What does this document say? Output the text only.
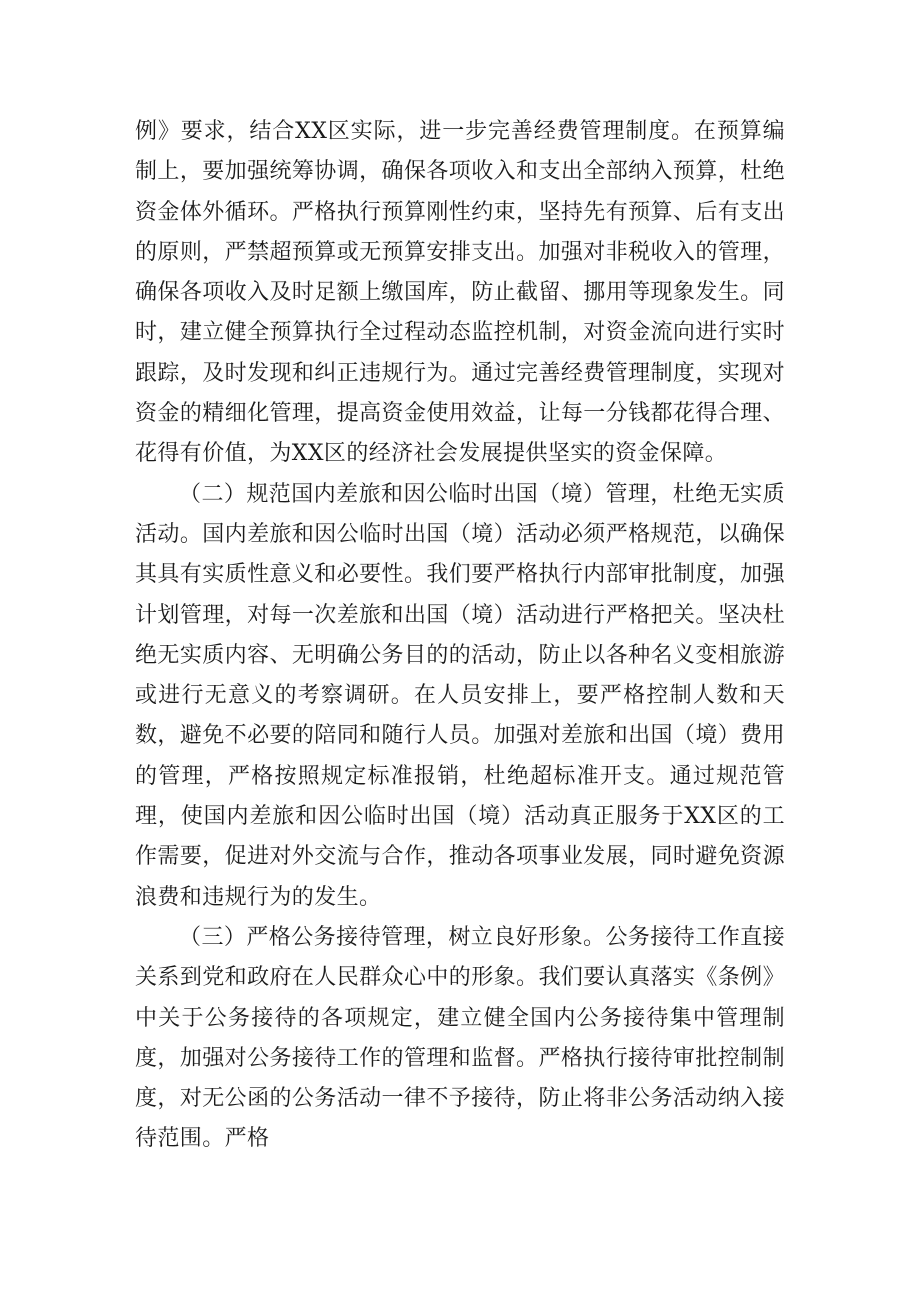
例》要求，结合XX区实际，进一步完善经费管理制度。在预算编制上，要加强统筹协调，确保各项收入和支出全部纳入预算，杜绝资金体外循环。严格执行预算刚性约束，坚持先有预算、后有支出的原则，严禁超预算或无预算安排支出。加强对非税收入的管理，确保各项收入及时足额上缴国库，防止截留、挪用等现象发生。同时，建立健全预算执行全过程动态监控机制，对资金流向进行实时跟踪，及时发现和纠正违规行为。通过完善经费管理制度，实现对资金的精细化管理，提高资金使用效益，让每一分钱都花得合理、花得有价值，为XX区的经济社会发展提供坚实的资金保障。

（二）规范国内差旅和因公临时出国（境）管理，杜绝无实质活动。国内差旅和因公临时出国（境）活动必须严格规范，以确保其具有实质性意义和必要性。我们要严格执行内部审批制度，加强计划管理，对每一次差旅和出国（境）活动进行严格把关。坚决杜绝无实质内容、无明确公务目的的活动，防止以各种名义变相旅游或进行无意义的考察调研。在人员安排上，要严格控制人数和天数，避免不必要的陪同和随行人员。加强对差旅和出国（境）费用的管理，严格按照规定标准报销，杜绝超标准开支。通过规范管理，使国内差旅和因公临时出国（境）活动真正服务于XX区的工作需要，促进对外交流与合作，推动各项事业发展，同时避免资源浪费和违规行为的发生。

（三）严格公务接待管理，树立良好形象。公务接待工作直接关系到党和政府在人民群众心中的形象。我们要认真落实《条例》中关于公务接待的各项规定，建立健全国内公务接待集中管理制度，加强对公务接待工作的管理和监督。严格执行接待审批控制制度，对无公函的公务活动一律不予接待，防止将非公务活动纳入接待范围。严格
